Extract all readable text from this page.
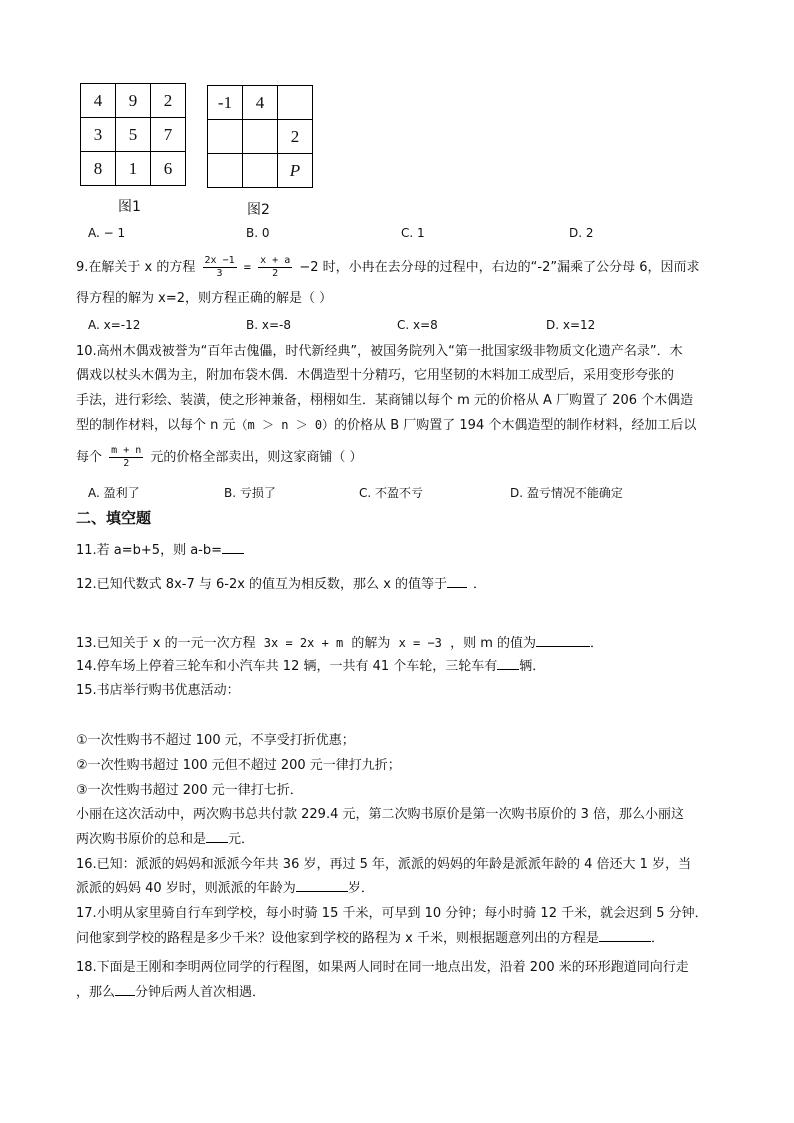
4	9	2
3	5	7
8	1	6
-1	4	
		2
		P
图1	图2
A. − 1	B. 0	C. 1	D. 2
9.在解关于 x 的方程 $\frac{2x -1}{3} = \frac{x + a}{2} -2$ 时，小冉在去分母的过程中，右边的“-2”漏乘了公分母 6，因而求
得方程的解为 x=2，则方程正确的解是（ ）
A. x=-12	B. x=-8	C. x=8	D. x=12
10.高州木偶戏被誉为“百年古傀儡，时代新经典”，被国务院列入“第一批国家级非物质文化遗产名录”．木
偶戏以杖头木偶为主，附加布袋木偶．木偶造型十分精巧，它用坚韧的木料加工成型后，采用变形夸张的
手法，进行彩绘、装潢，使之形神兼备，栩栩如生．某商铺以每个 m 元的价格从 A 厂购置了 206 个木偶造
型的制作材料，以每个 n 元（m ＞ n ＞ 0）的价格从 B 厂购置了 194 个木偶造型的制作材料，经加工后以
每个 $\frac{m + n}{2}$ 元的价格全部卖出，则这家商铺（ ）
A. 盈利了	B. 亏损了	C. 不盈不亏	D. 盈亏情况不能确定
二、填空题
11.若 a=b+5，则 a-b=
12.已知代数式 8x-7 与 6-2x 的值互为相反数，那么 x 的值等于 ．
13.已知关于 x 的一元一次方程 3x = 2x + m 的解为 x = −3 ，则 m 的值为	．
14.停车场上停着三轮车和小汽车共 12 辆，一共有 41 个车轮，三轮车有 辆．
15.书店举行购书优惠活动：
①一次性购书不超过 100 元，不享受打折优惠；
②一次性购书超过 100 元但不超过 200 元一律打九折；
③一次性购书超过 200 元一律打七折．
小丽在这次活动中，两次购书总共付款 229.4 元，第二次购书原价是第一次购书原价的 3 倍，那么小丽这
两次购书原价的总和是 元．
16.已知：派派的妈妈和派派今年共 36 岁，再过 5 年，派派的妈妈的年龄是派派年龄的 4 倍还大 1 岁，当
派派的妈妈 40 岁时，则派派的年龄为	岁．
17.小明从家里骑自行车到学校，每小时骑 15 千米，可早到 10 分钟；每小时骑 12 千米，就会迟到 5 分钟．
问他家到学校的路程是多少千米？设他家到学校的路程为 x 千米，则根据题意列出的方程是	．
18.下面是王刚和李明两位同学的行程图，如果两人同时在同一地点出发，沿着 200 米的环形跑道同向行走
，那么 分钟后两人首次相遇．
